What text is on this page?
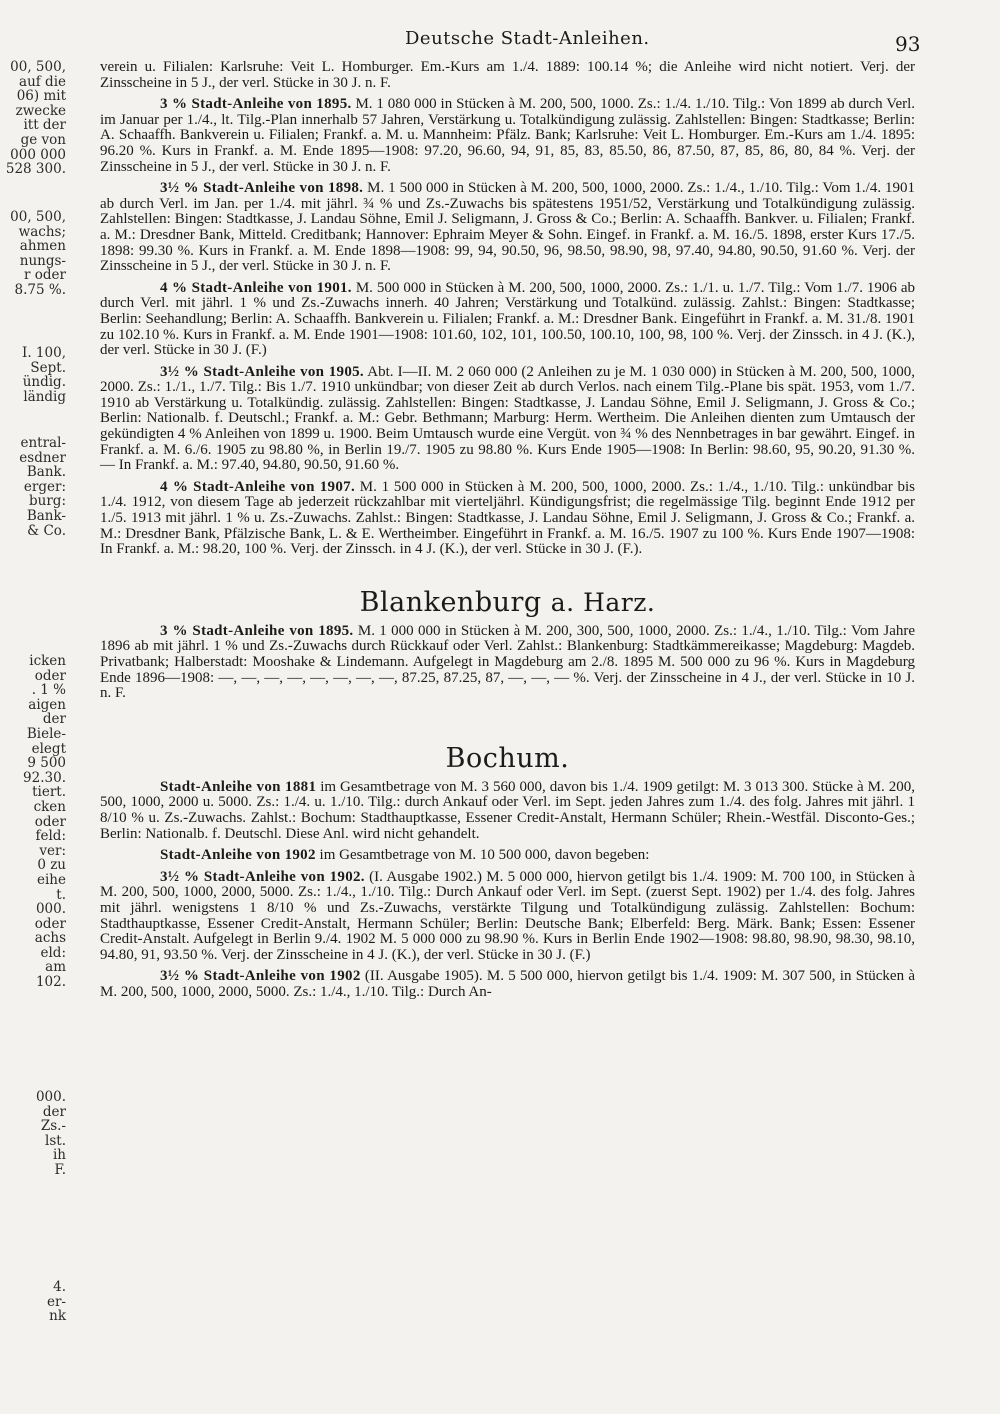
Deutsche Stadt-Anleihen.	93
00, 500,
auf die
06) mit
zwecke
itt der
ge von
000 000
528 300.
00, 500,
wachs;
ahmen
nungs-
r oder
8.75 %.
I. 100,
Sept.
ündig.
ländig
entral-
esdner
Bank.
erger:
burg:
Bank-
& Co.
icken
oder
. 1 %
aigen
der
Biele-
elegt
9 500
92.30.
tiert.
cken
oder
feld:
ver:
0 zu
eihe
t.
000.
oder
achs
eld:
am
102.
000.
der
Zs.-
lst.
ih
F.
4.
er-
nk

verein u. Filialen: Karlsruhe: Veit L. Homburger. Em.-Kurs am 1./4. 1889: 100.14 %; die Anleihe wird nicht notiert. Verj. der Zinsscheine in 5 J., der verl. Stücke in 30 J. n. F.

3 % Stadt-Anleihe von 1895. M. 1 080 000 in Stücken à M. 200, 500, 1000. Zs.: 1./4. 1./10. Tilg.: Von 1899 ab durch Verl. im Januar per 1./4., lt. Tilg.-Plan innerhalb 57 Jahren, Verstärkung u. Totalkündigung zulässig. Zahlstellen: Bingen: Stadtkasse; Berlin: A. Schaaffh. Bankverein u. Filialen; Frankf. a. M. u. Mannheim: Pfälz. Bank; Karlsruhe: Veit L. Homburger. Em.-Kurs am 1./4. 1895: 96.20 %. Kurs in Frankf. a. M. Ende 1895—1908: 97.20, 96.60, 94, 91, 85, 83, 85.50, 86, 87.50, 87, 85, 86, 80, 84 %. Verj. der Zinsscheine in 5 J., der verl. Stücke in 30 J. n. F.

3½ % Stadt-Anleihe von 1898. M. 1 500 000 in Stücken à M. 200, 500, 1000, 2000. Zs.: 1./4., 1./10. Tilg.: Vom 1./4. 1901 ab durch Verl. im Jan. per 1./4. mit jährl. ¾ % und Zs.-Zuwachs bis spätestens 1951/52, Verstärkung und Totalkündigung zulässig. Zahlstellen: Bingen: Stadtkasse, J. Landau Söhne, Emil J. Seligmann, J. Gross & Co.; Berlin: A. Schaaffh. Bankver. u. Filialen; Frankf. a. M.: Dresdner Bank, Mitteld. Creditbank; Hannover: Ephraim Meyer & Sohn. Eingef. in Frankf. a. M. 16./5. 1898, erster Kurs 17./5. 1898: 99.30 %. Kurs in Frankf. a. M. Ende 1898—1908: 99, 94, 90.50, 96, 98.50, 98.90, 98, 97.40, 94.80, 90.50, 91.60 %. Verj. der Zinsscheine in 5 J., der verl. Stücke in 30 J. n. F.

4 % Stadt-Anleihe von 1901. M. 500 000 in Stücken à M. 200, 500, 1000, 2000. Zs.: 1./1. u. 1./7. Tilg.: Vom 1./7. 1906 ab durch Verl. mit jährl. 1 % und Zs.-Zuwachs innerh. 40 Jahren; Verstärkung und Totalkünd. zulässig. Zahlst.: Bingen: Stadtkasse; Berlin: Seehandlung; Berlin: A. Schaaffh. Bankverein u. Filialen; Frankf. a. M.: Dresdner Bank. Eingeführt in Frankf. a. M. 31./8. 1901 zu 102.10 %. Kurs in Frankf. a. M. Ende 1901—1908: 101.60, 102, 101, 100.50, 100.10, 100, 98, 100 %. Verj. der Zinssch. in 4 J. (K.), der verl. Stücke in 30 J. (F.)

3½ % Stadt-Anleihe von 1905. Abt. I—II. M. 2 060 000 (2 Anleihen zu je M. 1 030 000) in Stücken à M. 200, 500, 1000, 2000. Zs.: 1./1., 1./7. Tilg.: Bis 1./7. 1910 unkündbar; von dieser Zeit ab durch Verlos. nach einem Tilg.-Plane bis spät. 1953, vom 1./7. 1910 ab Verstärkung u. Totalkündig. zulässig. Zahlstellen: Bingen: Stadtkasse, J. Landau Söhne, Emil J. Seligmann, J. Gross & Co.; Berlin: Nationalb. f. Deutschl.; Frankf. a. M.: Gebr. Bethmann; Marburg: Herm. Wertheim. Die Anleihen dienten zum Umtausch der gekündigten 4 % Anleihen von 1899 u. 1900. Beim Umtausch wurde eine Vergüt. von ¾ % des Nennbetrages in bar gewährt. Eingef. in Frankf. a. M. 6./6. 1905 zu 98.80 %, in Berlin 19./7. 1905 zu 98.80 %. Kurs Ende 1905—1908: In Berlin: 98.60, 95, 90.20, 91.30 %. — In Frankf. a. M.: 97.40, 94.80, 90.50, 91.60 %.

4 % Stadt-Anleihe von 1907. M. 1 500 000 in Stücken à M. 200, 500, 1000, 2000. Zs.: 1./4., 1./10. Tilg.: unkündbar bis 1./4. 1912, von diesem Tage ab jederzeit rückzahlbar mit vierteljährl. Kündigungsfrist; die regelmässige Tilg. beginnt Ende 1912 per 1./5. 1913 mit jährl. 1 % u. Zs.-Zuwachs. Zahlst.: Bingen: Stadtkasse, J. Landau Söhne, Emil J. Seligmann, J. Gross & Co.; Frankf. a. M.: Dresdner Bank, Pfälzische Bank, L. & E. Wertheimber. Eingeführt in Frankf. a. M. 16./5. 1907 zu 100 %. Kurs Ende 1907—1908: In Frankf. a. M.: 98.20, 100 %. Verj. der Zinssch. in 4 J. (K.), der verl. Stücke in 30 J. (F.).

Blankenburg a. Harz.

3 % Stadt-Anleihe von 1895. M. 1 000 000 in Stücken à M. 200, 300, 500, 1000, 2000. Zs.: 1./4., 1./10. Tilg.: Vom Jahre 1896 ab mit jährl. 1 % und Zs.-Zuwachs durch Rückkauf oder Verl. Zahlst.: Blankenburg: Stadtkämmereikasse; Magdeburg: Magdeb. Privatbank; Halberstadt: Mooshake & Lindemann. Aufgelegt in Magdeburg am 2./8. 1895 M. 500 000 zu 96 %. Kurs in Magdeburg Ende 1896—1908: —, —, —, —, —, —, —, —, 87.25, 87.25, 87, —, —, — %. Verj. der Zinsscheine in 4 J., der verl. Stücke in 10 J. n. F.

Bochum.

Stadt-Anleihe von 1881 im Gesamtbetrage von M. 3 560 000, davon bis 1./4. 1909 getilgt: M. 3 013 300. Stücke à M. 200, 500, 1000, 2000 u. 5000. Zs.: 1./4. u. 1./10. Tilg.: durch Ankauf oder Verl. im Sept. jeden Jahres zum 1./4. des folg. Jahres mit jährl. 1 8/10 % u. Zs.-Zuwachs. Zahlst.: Bochum: Stadthauptkasse, Essener Credit-Anstalt, Hermann Schüler; Rhein.-Westfäl. Disconto-Ges.; Berlin: Nationalb. f. Deutschl. Diese Anl. wird nicht gehandelt.

Stadt-Anleihe von 1902 im Gesamtbetrage von M. 10 500 000, davon begeben:

3½ % Stadt-Anleihe von 1902. (I. Ausgabe 1902.) M. 5 000 000, hiervon getilgt bis 1./4. 1909: M. 700 100, in Stücken à M. 200, 500, 1000, 2000, 5000. Zs.: 1./4., 1./10. Tilg.: Durch Ankauf oder Verl. im Sept. (zuerst Sept. 1902) per 1./4. des folg. Jahres mit jährl. wenigstens 1 8/10 % und Zs.-Zuwachs, verstärkte Tilgung und Totalkündigung zulässig. Zahlstellen: Bochum: Stadthauptkasse, Essener Credit-Anstalt, Hermann Schüler; Berlin: Deutsche Bank; Elberfeld: Berg. Märk. Bank; Essen: Essener Credit-Anstalt. Aufgelegt in Berlin 9./4. 1902 M. 5 000 000 zu 98.90 %. Kurs in Berlin Ende 1902—1908: 98.80, 98.90, 98.30, 98.10, 94.80, 91, 93.50 %. Verj. der Zinsscheine in 4 J. (K.), der verl. Stücke in 30 J. (F.)

3½ % Stadt-Anleihe von 1902 (II. Ausgabe 1905). M. 5 500 000, hiervon getilgt bis 1./4. 1909: M. 307 500, in Stücken à M. 200, 500, 1000, 2000, 5000. Zs.: 1./4., 1./10. Tilg.: Durch An-
